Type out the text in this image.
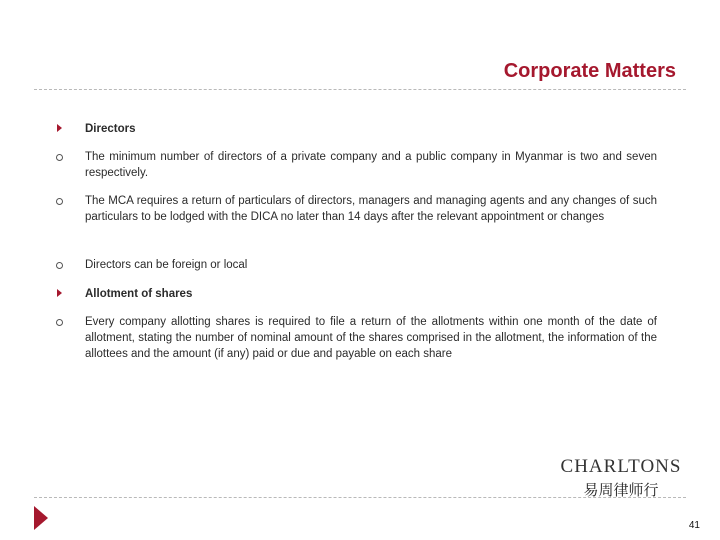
Corporate Matters
Directors
The minimum number of directors of a private company and a public company in Myanmar is two and seven respectively.
The MCA requires a return of particulars of directors, managers and managing agents and any changes of such particulars to be lodged with the DICA no later than 14 days after the relevant appointment or changes
Directors can be foreign or local
Allotment of shares
Every company allotting shares is required to file a return of the allotments within one month of the date of allotment, stating the number of nominal amount of the shares comprised in the allotment, the information of the allottees and the amount (if any) paid or due and payable on each share
CHARLTONS
易周律师行
41
